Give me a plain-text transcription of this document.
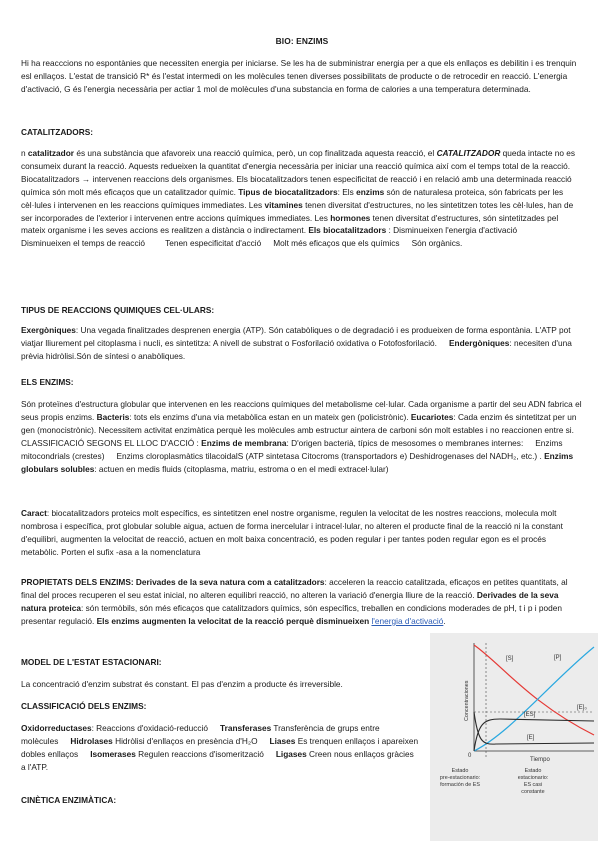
BIO: ENZIMS

Hi ha reacccions no espontànies que necessiten energia per iniciarse. Se les ha de subministrar energia per a que els enllaços es debilitin i es trenquin esl enllaços. L'estat de transició R* és l'estat intermedi on les molècules tenen diverses possibilitats de producte o de retrocedir en reacció. L'energia d'activació, G és l'energia necessària per actiar 1 mol de molècules d'una substancia en forma de calories a una temperatura determinada.

CATALITZADORS:

n catalitzador és una substància que afavoreix una reacció química, però, un cop finalitzada aquesta reacció, el CATALITZADOR queda intacte no es consumeix durant la reacció. Aquests redueixen la quantitat d'energia necessària per iniciar una reacció química així com el temps total de la reacció. Biocatalitzadors → intervenen reaccions dels organismes. Els biocatalitzadors tenen especificitat de reacció i en relació amb una determinada reacció química són molt més eficaços que un catalitzador químic. Tipus de biocatalitzadors: Els enzims són de naturalesa proteica, són fabricats per les cèl·lules i intervenen en les reaccions químiques immediates. Les vitamines tenen diversitat d'estructures, no les sintetitzen totes les cèl·lules, han de ser incorporades de l'exterior i intervenen entre accions químiques immediates. Les hormones tenen diversitat d'estructures, són sintetitzades pel mateix organisme i les seves accions es realitzen a distància o indirectament. Els biocatalitzadors : Disminueixen l'energia d'activacióDisminueixen el temps de reacció Tenen especificitat d'acció Molt més eficaços que els químics Són orgànics.

TIPUS DE REACCIONS QUIMIQUES CEL·ULARS:

Exergòniques: Una vegada finalitzades desprenen energia (ATP). Són catabòliques o de degradació i es produeixen de forma espontània. L'ATP pot viatjar lliurement pel citoplasma i nucli, es sintetitza: A nivell de substrat o Fosforilació oxidativa o Fotofosforilació. Endergòniques: necesiten d'una prèvia hidròlisi.Són de síntesi o anabòliques.

ELS ENZIMS:

Són proteïnes d'estructura globular que intervenen en les reaccions químiques del metabolisme cel·lular. Cada organisme a partir del seu ADN fabrica el seus propis enzims. Bacteris: tots els enzims d'una via metabòlica estan en un mateix gen (policistrònic). Eucariotes: Cada enzim és sintetitzat per un gen (monocistrònic). Necessitem activitat enzimàtica perquè les molècules amb estructur aintera de carboni són molt estables i no reaccionen entre si. CLASSIFICACIÓ SEGONS EL LLOC D'ACCIÓ : Enzims de membrana: D'origen bacterià, típics de mesosomes o membranes internes: Enzims mitocondrials (crestes) Enzims cloroplasmàtics tilacoidalS (ATP sintetasa Citocroms (transportadors e) Deshidrogenases del NADH₂, etc.) . Enzims globulars solubles: actuen en medis fluids (citoplasma, matriu, estroma o en el medi extracel·lular)

Caract: biocatalitzadors proteics molt específics, es sintetitzen enel nostre organisme, regulen la velocitat de les nostres reaccions, molecula molt nombrosa i específica, prot globular soluble aigua, actuen de forma inercelular i intracel·lular, no alteren el producte final de la reacció ni la constant d'equilibri, augmenten la velocitat de reacció, actuen en molt baixa concentració, es poden regular i per tantes poden regular egon es el procés metabòlic. Porten el sufix -asa a la nomenclatura

PROPIETATS DELS ENZIMS: Derivades de la seva natura com a catalitzadors: acceleren la reaccio catalitzada, eficaços en petites quantitats, al final del proces recuperen el seu estat inicial, no alteren equilibri reacció, no alteren la variació d'energia lliure de la reacció. Derivades de la seva natura proteica: són termòbils, són més eficaços que catalitzadors químics, són específics, treballen en condicions moderades de pH, t i p i poden presentar regulació. Els enzims augmenten la velocitat de la reacció perquè disminueixen l'energia d'activació.

MODEL DE L'ESTAT ESTACIONARI:

La concentració d'enzim substrat és constant. El pas d'enzim a producte és irreversible.

CLASSIFICACIÓ DELS ENZIMS:

Oxidorreductases: Reaccions d'oxidació-reducció Transferases Transferència de grups entre molècules Hidrolases Hidròlisi d'enllaços en presència d'H₂O Liases Es trenquen enllaços i apareixen dobles enllaços Isomerases Regulen reaccions d'isomerització Ligases Creen nous enllaços gràcies a l'ATP.

CINÈTICA ENZIMÀTICA:

[S]	[P]
[E]₀
[ES]
[E]
Concentraciones
0
Tiempo
Estado
pre-estacionario:
formación de ES
Estado
estacionario:
ES casi
constante
